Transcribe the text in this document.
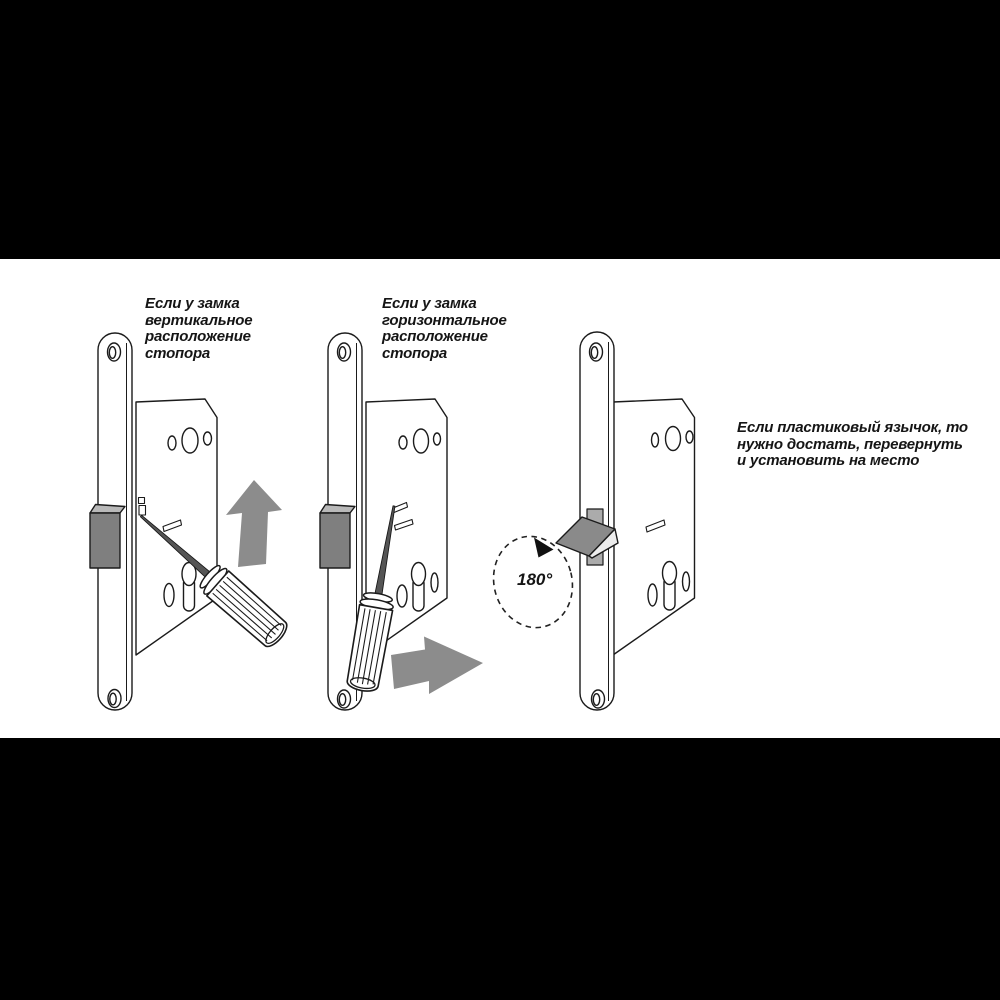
Если у замка
вертикальное
расположение
стопора
Если у замка
горизонтальное
расположение
стопора
Если пластиковый язычок, то
нужно достать, перевернуть
и установить на место
180°
